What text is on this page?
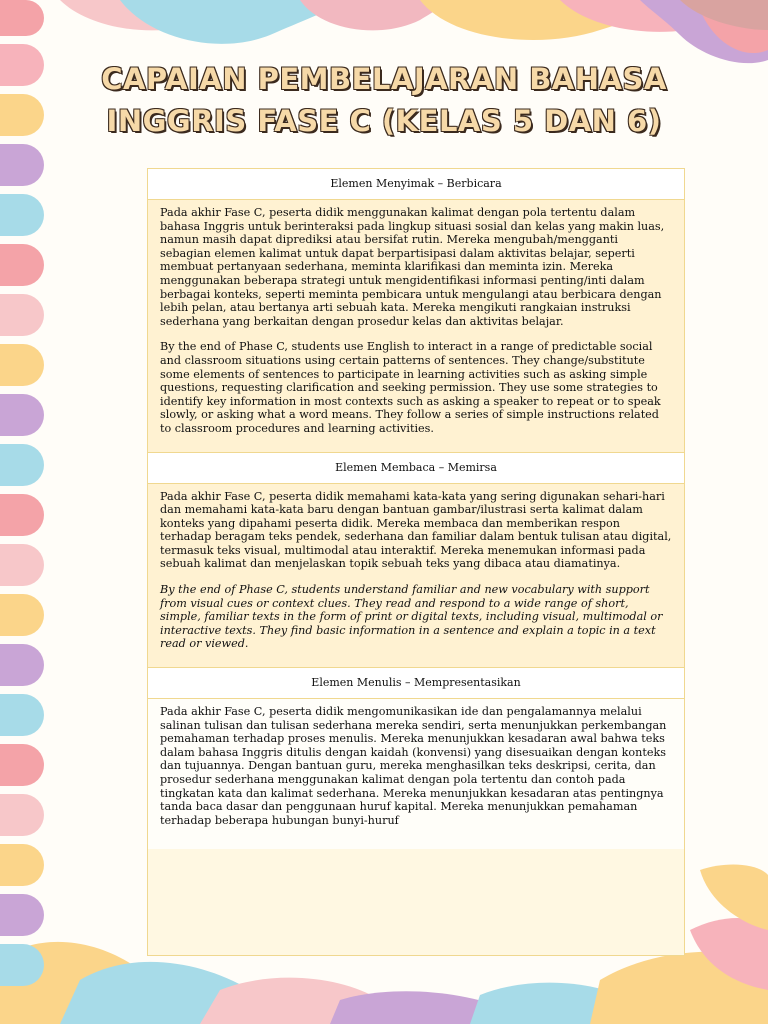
CAPAIAN PEMBELAJARAN BAHASA
INGGRIS FASE C (KELAS 5 DAN 6)
Elemen Menyimak – Berbicara

Pada akhir Fase C, peserta didik menggunakan kalimat dengan pola tertentu dalam bahasa Inggris untuk berinteraksi pada lingkup situasi sosial dan kelas yang makin luas, namun masih dapat diprediksi atau bersifat rutin. Mereka mengubah/mengganti sebagian elemen kalimat untuk dapat berpartisipasi dalam aktivitas belajar, seperti membuat pertanyaan sederhana, meminta klarifikasi dan meminta izin. Mereka menggunakan beberapa strategi untuk mengidentifikasi informasi penting/inti dalam berbagai konteks, seperti meminta pembicara untuk mengulangi atau berbicara dengan lebih pelan, atau bertanya arti sebuah kata. Mereka mengikuti rangkaian instruksi sederhana yang berkaitan dengan prosedur kelas dan aktivitas belajar.

By the end of Phase C, students use English to interact in a range of predictable social and classroom situations using certain patterns of sentences. They change/substitute some elements of sentences to participate in learning activities such as asking simple questions, requesting clarification and seeking permission. They use some strategies to identify key information in most contexts such as asking a speaker to repeat or to speak slowly, or asking what a word means. They follow a series of simple instructions related to classroom procedures and learning activities.

Elemen Membaca – Memirsa

Pada akhir Fase C, peserta didik memahami kata-kata yang sering digunakan sehari-hari dan memahami kata-kata baru dengan bantuan gambar/ilustrasi serta kalimat dalam konteks yang dipahami peserta didik. Mereka membaca dan memberikan respon terhadap beragam teks pendek, sederhana dan familiar dalam bentuk tulisan atau digital, termasuk teks visual, multimodal atau interaktif. Mereka menemukan informasi pada sebuah kalimat dan menjelaskan topik sebuah teks yang dibaca atau diamatinya.

By the end of Phase C, students understand familiar and new vocabulary with support from visual cues or context clues. They read and respond to a wide range of short, simple, familiar texts in the form of print or digital texts, including visual, multimodal or interactive texts. They find basic information in a sentence and explain a topic in a text read or viewed.

Elemen Menulis – Mempresentasikan

Pada akhir Fase C, peserta didik mengomunikasikan ide dan pengalamannya melalui salinan tulisan dan tulisan sederhana mereka sendiri, serta menunjukkan perkembangan pemahaman terhadap proses menulis. Mereka menunjukkan kesadaran awal bahwa teks dalam bahasa Inggris ditulis dengan kaidah (konvensi) yang disesuaikan dengan konteks dan tujuannya. Dengan bantuan guru, mereka menghasilkan teks deskripsi, cerita, dan prosedur sederhana menggunakan kalimat dengan pola tertentu dan contoh pada tingkatan kata dan kalimat sederhana. Mereka menunjukkan kesadaran atas pentingnya tanda baca dasar dan penggunaan huruf kapital. Mereka menunjukkan pemahaman terhadap beberapa hubungan bunyi-huruf
